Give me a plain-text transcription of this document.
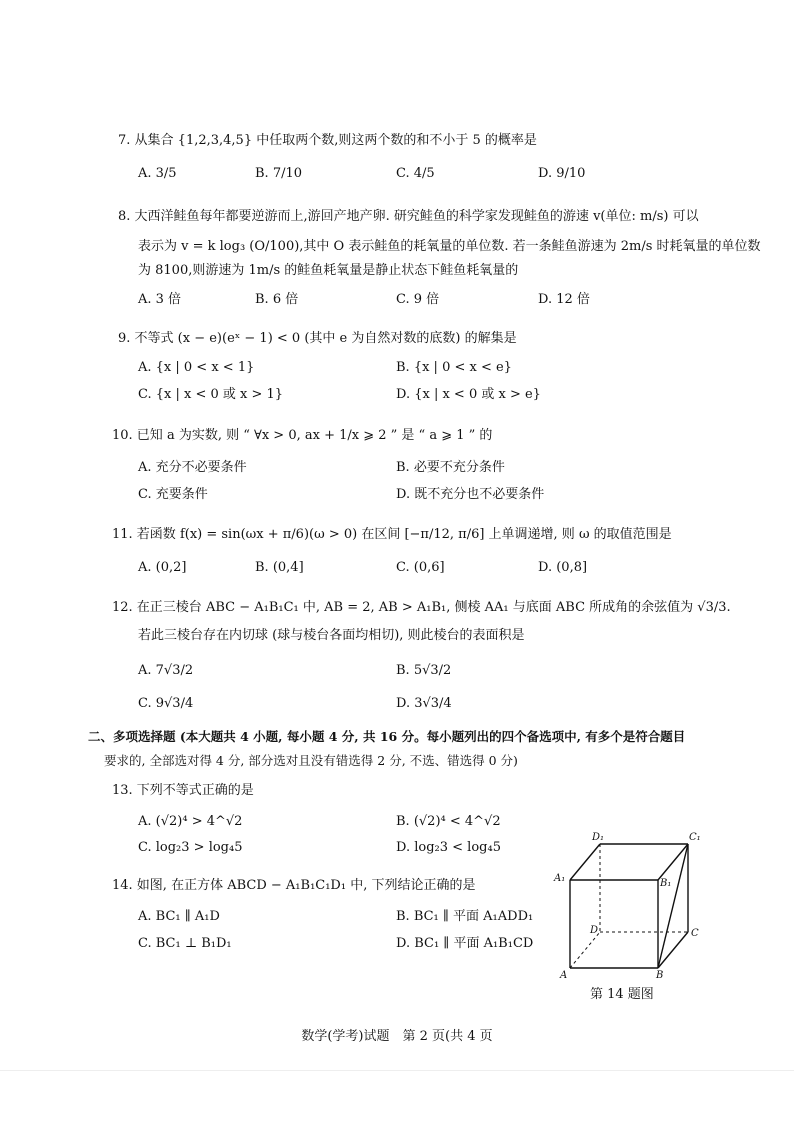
7. 从集合 {1,2,3,4,5} 中任取两个数,则这两个数的和不小于 5 的概率是
A. 3/5	B. 7/10	C. 4/5	D. 9/10
8. 大西洋鲑鱼每年都要逆游而上,游回产地产卵. 研究鲑鱼的科学家发现鲑鱼的游速 v(单位: m/s) 可以
表示为 v = k log₃ (O/100),其中 O 表示鲑鱼的耗氧量的单位数. 若一条鲑鱼游速为 2m/s 时耗氧量的单位数
为 8100,则游速为 1m/s 的鲑鱼耗氧量是静止状态下鲑鱼耗氧量的
A. 3 倍	B. 6 倍	C. 9 倍	D. 12 倍
9. 不等式 (x − e)(eˣ − 1) < 0 (其中 e 为自然对数的底数) 的解集是
A. {x | 0 < x < 1}	B. {x | 0 < x < e}
C. {x | x < 0 或 x > 1}	D. {x | x < 0 或 x > e}
10. 已知 a 为实数, 则 “ ∀x > 0, ax + 1/x ⩾ 2 ” 是 “ a ⩾ 1 ” 的
A. 充分不必要条件	B. 必要不充分条件
C. 充要条件	D. 既不充分也不必要条件
11. 若函数 f(x) = sin(ωx + π/6)(ω > 0) 在区间 [−π/12, π/6] 上单调递增, 则 ω 的取值范围是
A. (0,2]	B. (0,4]	C. (0,6]	D. (0,8]
12. 在正三棱台 ABC − A₁B₁C₁ 中, AB = 2, AB > A₁B₁, 侧棱 AA₁ 与底面 ABC 所成角的余弦值为 √3/3.
若此三棱台存在内切球 (球与棱台各面均相切), 则此棱台的表面积是
A. 7√3/2	B. 5√3/2
C. 9√3/4	D. 3√3/4
二、多项选择题 (本大题共 4 小题, 每小题 4 分, 共 16 分。每小题列出的四个备选项中, 有多个是符合题目
要求的, 全部选对得 4 分, 部分选对且没有错选得 2 分, 不选、错选得 0 分)
13. 下列不等式正确的是
A. (√2)⁴ > 4^√2	B. (√2)⁴ < 4^√2
C. log₂3 > log₄5	D. log₂3 < log₄5
14. 如图, 在正方体 ABCD − A₁B₁C₁D₁ 中, 下列结论正确的是
A. BC₁ ∥ A₁D	B. BC₁ ∥ 平面 A₁ADD₁
C. BC₁ ⊥ B₁D₁	D. BC₁ ∥ 平面 A₁B₁CD
D₁	C₁
A₁	B₁
D	C
A	B
第 14 题图
数学(学考)试题　第 2 页(共 4 页
